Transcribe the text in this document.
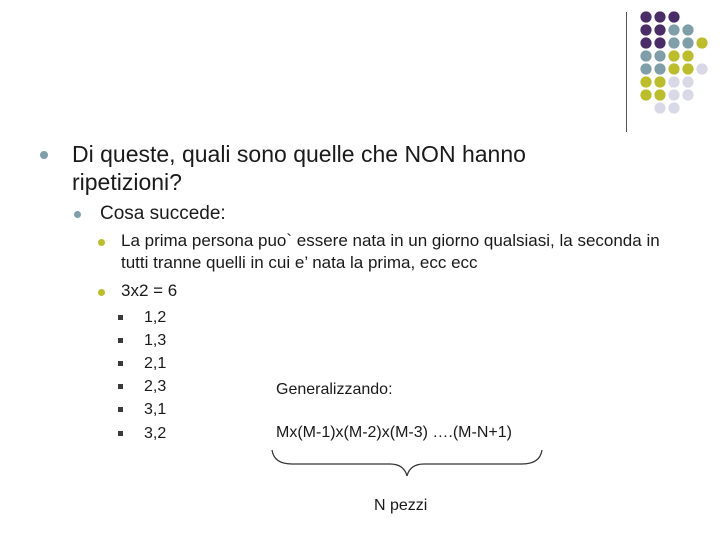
Di queste, quali sono quelle che NON hanno ripetizioni?
Cosa succede:
La prima persona puo` essere nata in un giorno qualsiasi, la seconda in tutti tranne quelli in cui e’ nata la prima, ecc ecc
3x2 = 6
1,2
1,3
2,1
2,3
3,1
3,2
Generalizzando:
Mx(M-1)x(M-2)x(M-3) ….(M-N+1)
N pezzi
